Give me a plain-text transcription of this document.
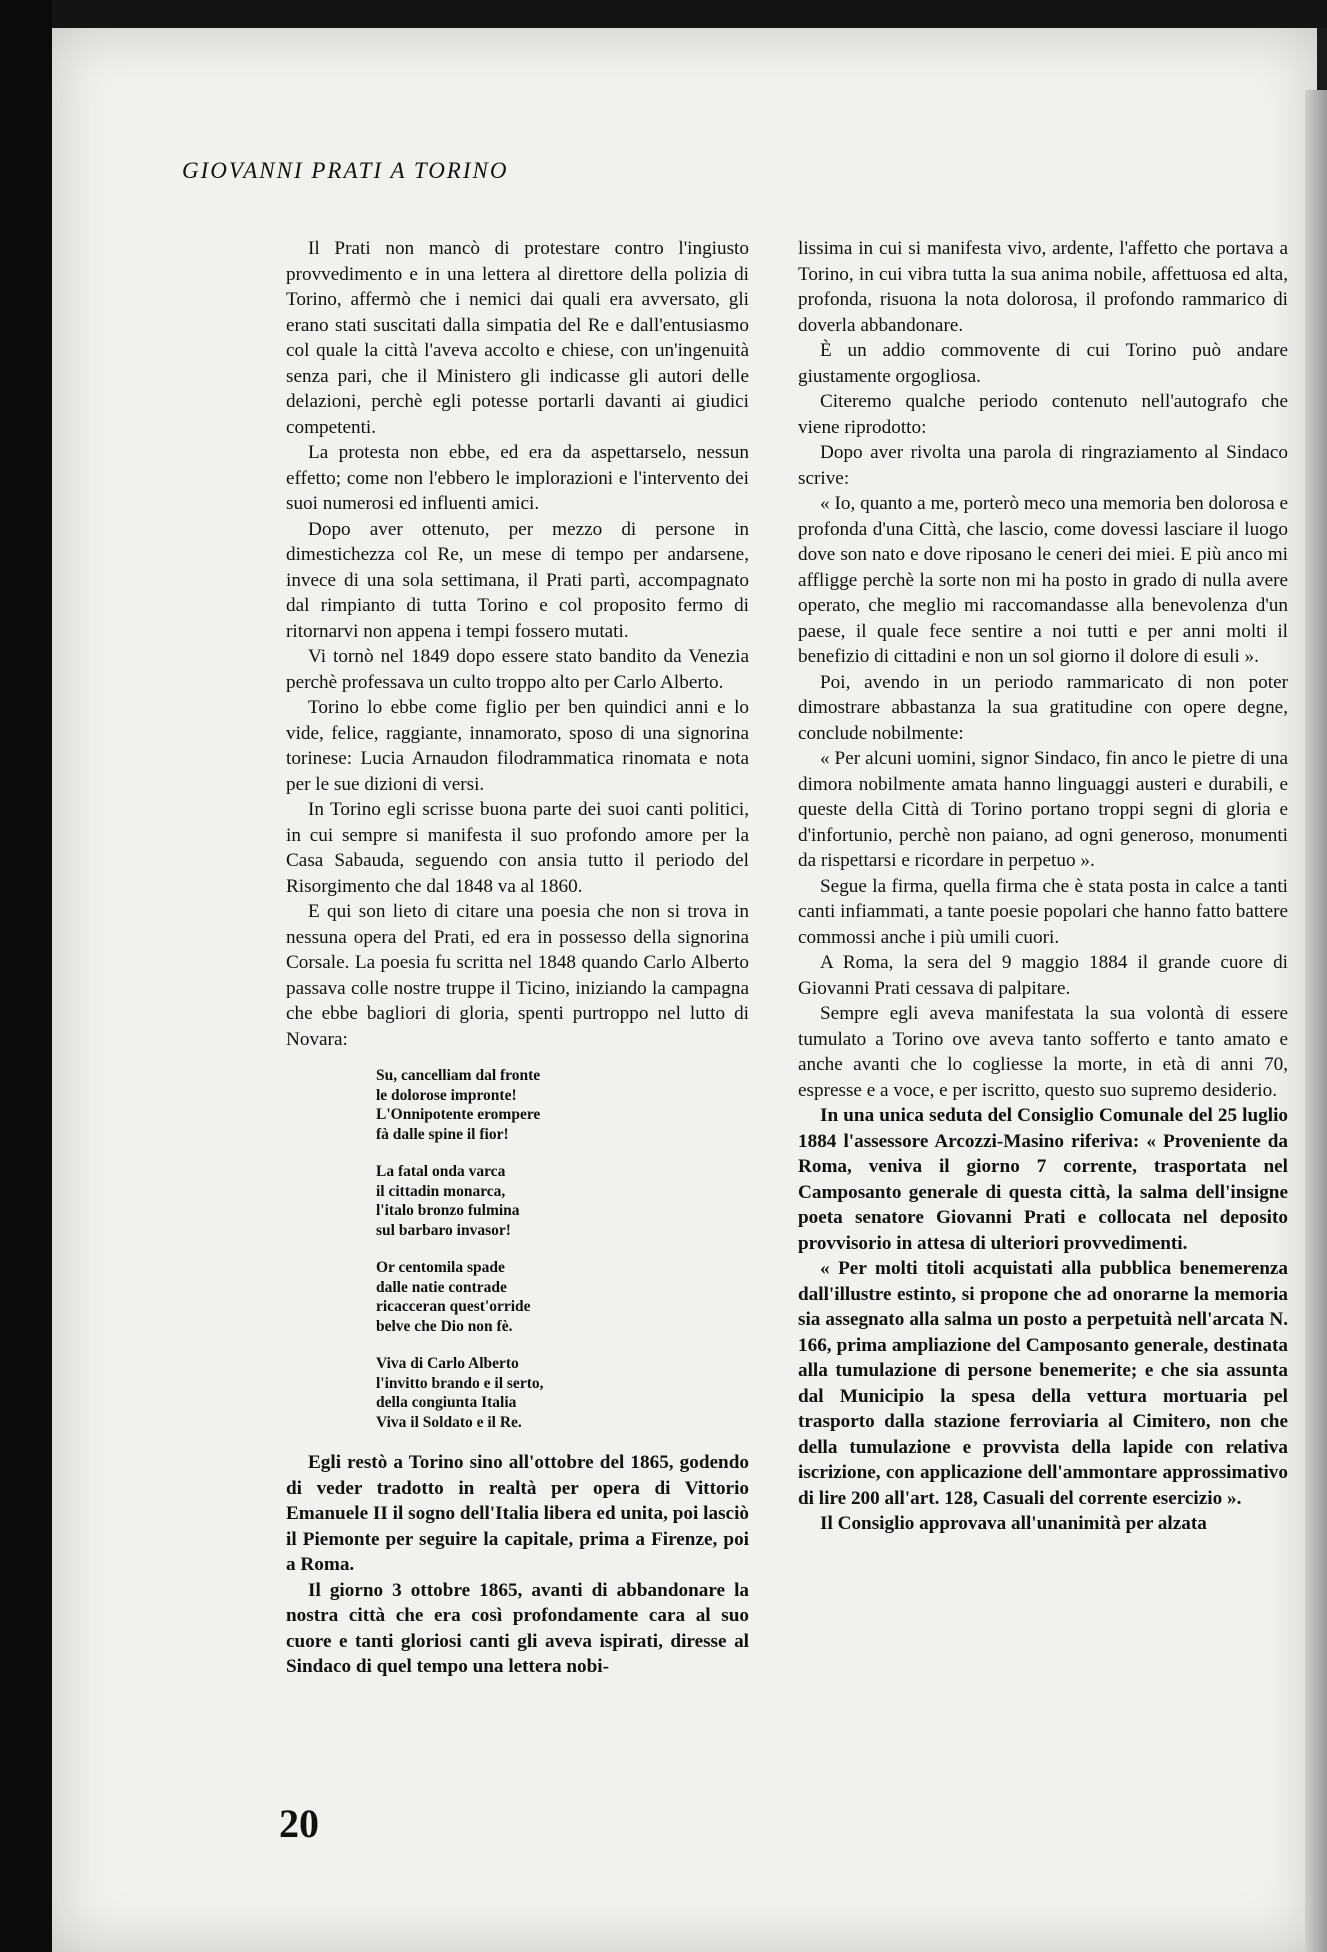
GIOVANNI PRATI A TORINO

Il Prati non mancò di protestare contro l'ingiusto provvedimento e in una lettera al direttore della polizia di Torino, affermò che i nemici dai quali era avversato, gli erano stati suscitati dalla simpatia del Re e dall'entusiasmo col quale la città l'aveva accolto e chiese, con un'ingenuità senza pari, che il Ministero gli indicasse gli autori delle delazioni, perchè egli potesse portarli davanti ai giudici competenti.

La protesta non ebbe, ed era da aspettarselo, nessun effetto; come non l'ebbero le implorazioni e l'intervento dei suoi numerosi ed influenti amici.

Dopo aver ottenuto, per mezzo di persone in dimestichezza col Re, un mese di tempo per andarsene, invece di una sola settimana, il Prati partì, accompagnato dal rimpianto di tutta Torino e col proposito fermo di ritornarvi non appena i tempi fossero mutati.

Vi tornò nel 1849 dopo essere stato bandito da Venezia perchè professava un culto troppo alto per Carlo Alberto.

Torino lo ebbe come figlio per ben quindici anni e lo vide, felice, raggiante, innamorato, sposo di una signorina torinese: Lucia Arnaudon filodrammatica rinomata e nota per le sue dizioni di versi.

In Torino egli scrisse buona parte dei suoi canti politici, in cui sempre si manifesta il suo profondo amore per la Casa Sabauda, seguendo con ansia tutto il periodo del Risorgimento che dal 1848 va al 1860.

E qui son lieto di citare una poesia che non si trova in nessuna opera del Prati, ed era in possesso della signorina Corsale. La poesia fu scritta nel 1848 quando Carlo Alberto passava colle nostre truppe il Ticino, iniziando la campagna che ebbe bagliori di gloria, spenti purtroppo nel lutto di Novara:

Su, cancelliam dal fronte
le dolorose impronte!
L'Onnipotente erompere
fà dalle spine il fior!
La fatal onda varca
il cittadin monarca,
l'italo bronzo fulmina
sul barbaro invasor!
Or centomila spade
dalle natie contrade
ricacceran quest'orride
belve che Dio non fè.
Viva di Carlo Alberto
l'invitto brando e il serto,
della congiunta Italia
Viva il Soldato e il Re.

Egli restò a Torino sino all'ottobre del 1865, godendo di veder tradotto in realtà per opera di Vittorio Emanuele II il sogno dell'Italia libera ed unita, poi lasciò il Piemonte per seguire la capitale, prima a Firenze, poi a Roma.

Il giorno 3 ottobre 1865, avanti di abbandonare la nostra città che era così profondamente cara al suo cuore e tanti gloriosi canti gli aveva ispirati, diresse al Sindaco di quel tempo una lettera nobi-

lissima in cui si manifesta vivo, ardente, l'affetto che portava a Torino, in cui vibra tutta la sua anima nobile, affettuosa ed alta, profonda, risuona la nota dolorosa, il profondo rammarico di doverla abbandonare.

È un addio commovente di cui Torino può andare giustamente orgogliosa.

Citeremo qualche periodo contenuto nell'autografo che viene riprodotto:

Dopo aver rivolta una parola di ringraziamento al Sindaco scrive:

« Io, quanto a me, porterò meco una memoria ben dolorosa e profonda d'una Città, che lascio, come dovessi lasciare il luogo dove son nato e dove riposano le ceneri dei miei. E più anco mi affligge perchè la sorte non mi ha posto in grado di nulla avere operato, che meglio mi raccomandasse alla benevolenza d'un paese, il quale fece sentire a noi tutti e per anni molti il benefizio di cittadini e non un sol giorno il dolore di esuli ».

Poi, avendo in un periodo rammaricato di non poter dimostrare abbastanza la sua gratitudine con opere degne, conclude nobilmente:

« Per alcuni uomini, signor Sindaco, fin anco le pietre di una dimora nobilmente amata hanno linguaggi austeri e durabili, e queste della Città di Torino portano troppi segni di gloria e d'infortunio, perchè non paiano, ad ogni generoso, monumenti da rispettarsi e ricordare in perpetuo ».

Segue la firma, quella firma che è stata posta in calce a tanti canti infiammati, a tante poesie popolari che hanno fatto battere commossi anche i più umili cuori.

A Roma, la sera del 9 maggio 1884 il grande cuore di Giovanni Prati cessava di palpitare.

Sempre egli aveva manifestata la sua volontà di essere tumulato a Torino ove aveva tanto sofferto e tanto amato e anche avanti che lo cogliesse la morte, in età di anni 70, espresse e a voce, e per iscritto, questo suo supremo desiderio.

In una unica seduta del Consiglio Comunale del 25 luglio 1884 l'assessore Arcozzi-Masino riferiva: « Proveniente da Roma, veniva il giorno 7 corrente, trasportata nel Camposanto generale di questa città, la salma dell'insigne poeta senatore Giovanni Prati e collocata nel deposito provvisorio in attesa di ulteriori provvedimenti.

« Per molti titoli acquistati alla pubblica benemerenza dall'illustre estinto, si propone che ad onorarne la memoria sia assegnato alla salma un posto a perpetuità nell'arcata N. 166, prima ampliazione del Camposanto generale, destinata alla tumulazione di persone benemerite; e che sia assunta dal Municipio la spesa della vettura mortuaria pel trasporto dalla stazione ferroviaria al Cimitero, non che della tumulazione e provvista della lapide con relativa iscrizione, con applicazione dell'ammontare approssimativo di lire 200 all'art. 128, Casuali del corrente esercizio ».

Il Consiglio approvava all'unanimità per alzata

20
